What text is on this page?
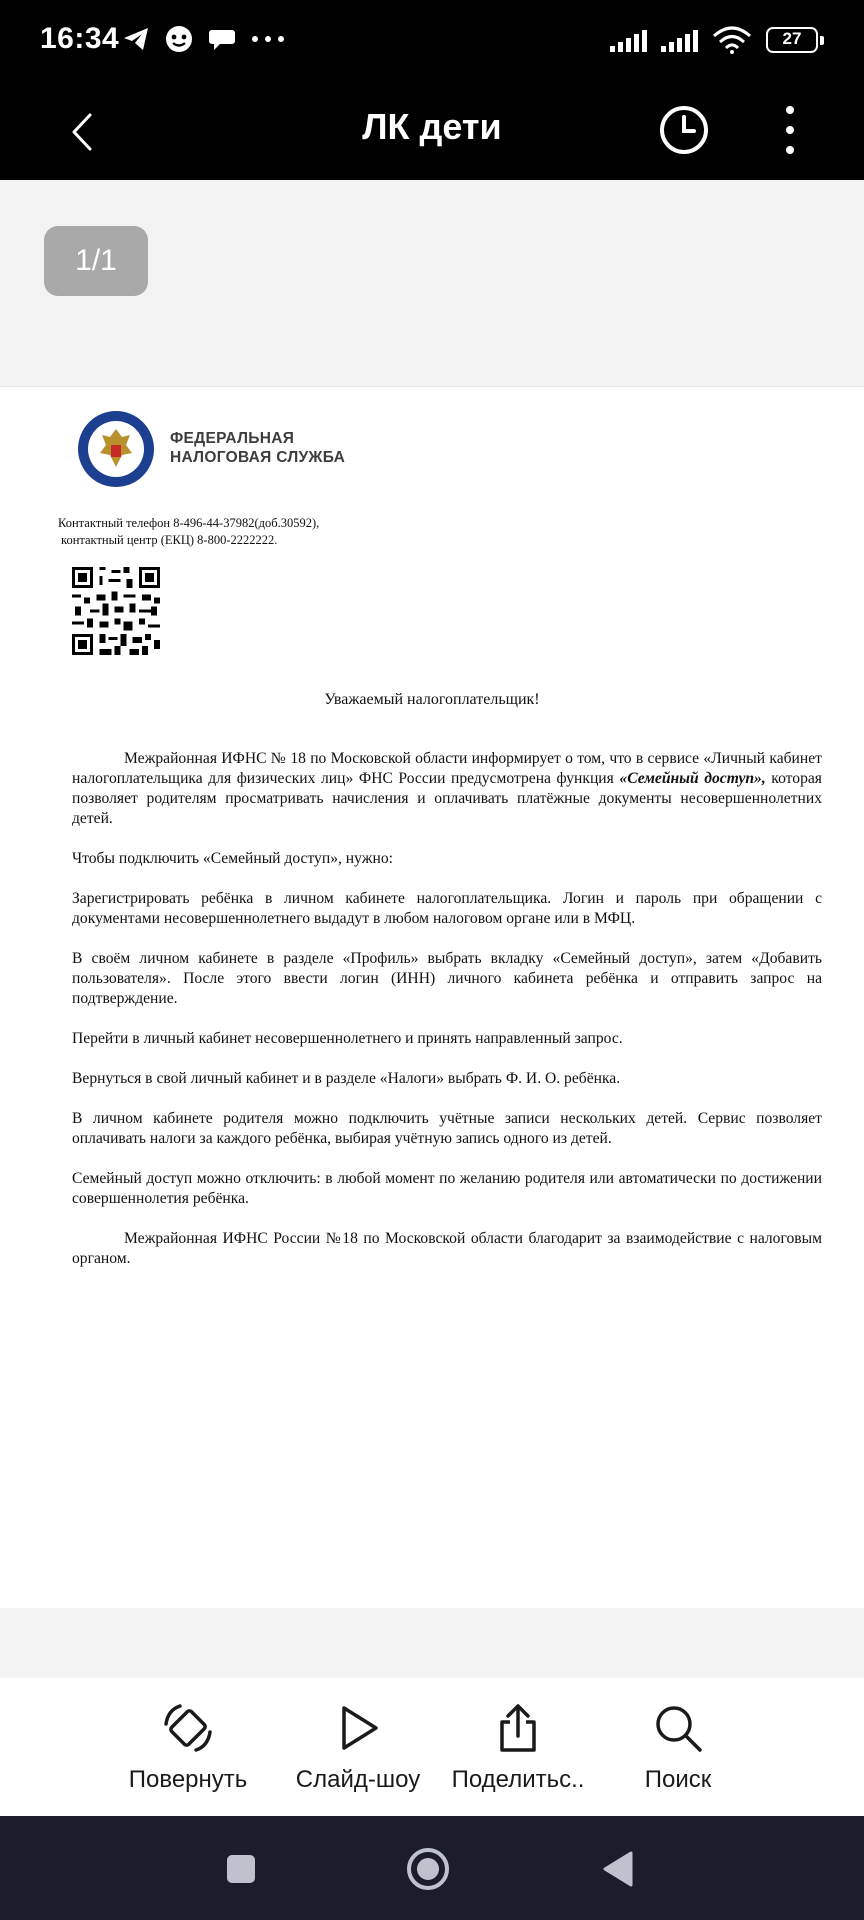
16:34	27
ЛК дети
1/1
ФЕДЕРАЛЬНАЯ
НАЛОГОВАЯ СЛУЖБА
Контактный телефон 8-496-44-37982(доб.30592),
контактный центр (ЕКЦ) 8-800-2222222.
Уважаемый налогоплательщик!

Межрайонная ИФНС № 18 по Московской области информирует о том, что в сервисе «Личный кабинет налогоплательщика для физических лиц» ФНС России предусмотрена функция «Семейный доступ», которая позволяет родителям просматривать начисления и оплачивать платёжные документы несовершеннолетних детей.

Чтобы подключить «Семейный доступ», нужно:

Зарегистрировать ребёнка в личном кабинете налогоплательщика. Логин и пароль при обращении с документами несовершеннолетнего выдадут в любом налоговом органе или в МФЦ.

В своём личном кабинете в разделе «Профиль» выбрать вкладку «Семейный доступ», затем «Добавить пользователя». После этого ввести логин (ИНН) личного кабинета ребёнка и отправить запрос на подтверждение.

Перейти в личный кабинет несовершеннолетнего и принять направленный запрос.

Вернуться в свой личный кабинет и в разделе «Налоги» выбрать Ф. И. О. ребёнка.

В личном кабинете родителя можно подключить учётные записи нескольких детей. Сервис позволяет оплачивать налоги за каждого ребёнка, выбирая учётную запись одного из детей.

Семейный доступ можно отключить: в любой момент по желанию родителя или автоматически по достижении совершеннолетия ребёнка.

Межрайонная ИФНС России №18 по Московской области благодарит за взаимодействие с налоговым органом.

Повернуть Слайд-шоу Поделитьс..	Поиск
